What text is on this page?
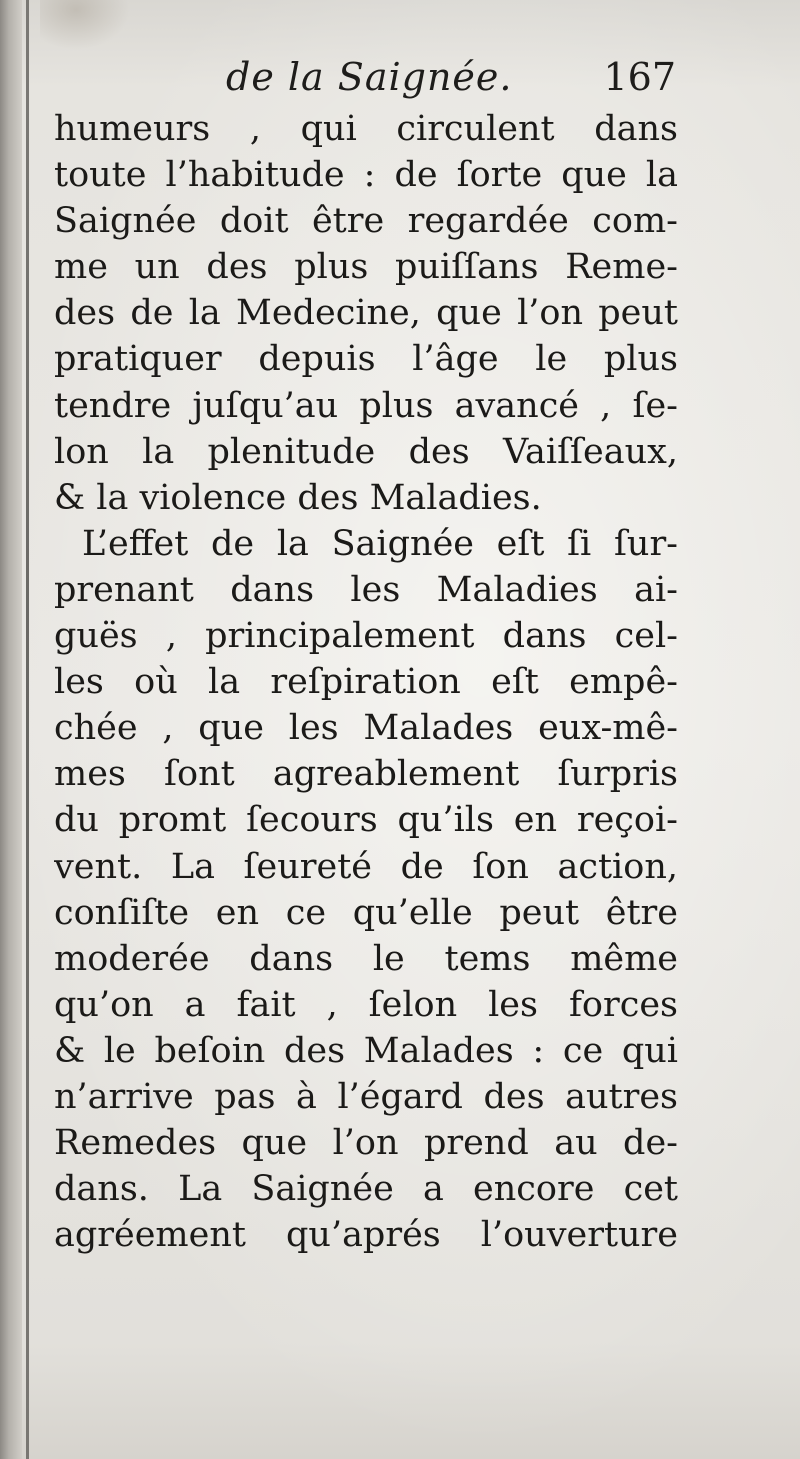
de la Saignée. 167
humeurs , qui circulent dans
toute l’habitude : de ſorte que la
Saignée doit être regardée com-
me un des plus puiſſans Reme-
des de la Medecine, que l’on peut
pratiquer depuis l’âge le plus
tendre juſqu’au plus avancé , ſe-
lon la plenitude des Vaiſſeaux,
& la violence des Maladies.
L’effet de la Saignée eſt ſi ſur-
prenant dans les Maladies ai-
guës , principalement dans cel-
les où la reſpiration eſt empê-
chée , que les Malades eux-mê-
mes ſont agreablement ſurpris
du promt ſecours qu’ils en reçoi-
vent. La ſeureté de ſon action,
conſiſte en ce qu’elle peut être
moderée dans le tems même
qu’on a fait , ſelon les forces
& le beſoin des Malades : ce qui
n’arrive pas à l’égard des autres
Remedes que l’on prend au de-
dans. La Saignée a encore cet
agréement qu’aprés l’ouverture
